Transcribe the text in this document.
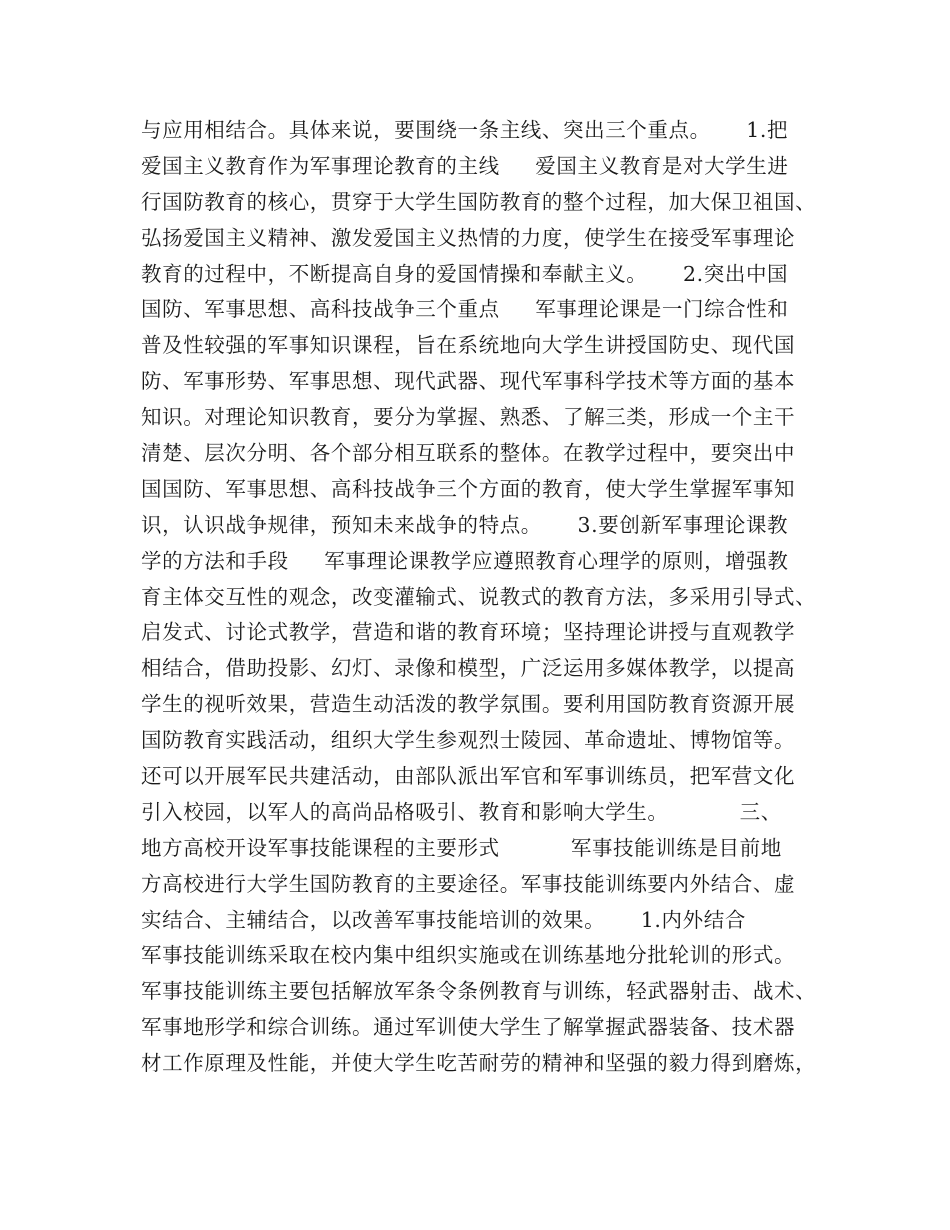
与应用相结合。具体来说，要围绕一条主线、突出三个重点。     1.把
爱国主义教育作为军事理论教育的主线     爱国主义教育是对大学生进
行国防教育的核心，贯穿于大学生国防教育的整个过程，加大保卫祖国、
弘扬爱国主义精神、激发爱国主义热情的力度，使学生在接受军事理论
教育的过程中，不断提高自身的爱国情操和奉献主义。     2.突出中国
国防、军事思想、高科技战争三个重点     军事理论课是一门综合性和
普及性较强的军事知识课程，旨在系统地向大学生讲授国防史、现代国
防、军事形势、军事思想、现代武器、现代军事科学技术等方面的基本
知识。对理论知识教育，要分为掌握、熟悉、了解三类，形成一个主干
清楚、层次分明、各个部分相互联系的整体。在教学过程中，要突出中
国国防、军事思想、高科技战争三个方面的教育，使大学生掌握军事知
识，认识战争规律，预知未来战争的特点。     3.要创新军事理论课教
学的方法和手段     军事理论课教学应遵照教育心理学的原则，增强教
育主体交互性的观念，改变灌输式、说教式的教育方法，多采用引导式、
启发式、讨论式教学，营造和谐的教育环境；坚持理论讲授与直观教学
相结合，借助投影、幻灯、录像和模型，广泛运用多媒体教学，以提高
学生的视听效果，营造生动活泼的教学氛围。要利用国防教育资源开展
国防教育实践活动，组织大学生参观烈士陵园、革命遗址、博物馆等。
还可以开展军民共建活动，由部队派出军官和军事训练员，把军营文化
引入校园，以军人的高尚品格吸引、教育和影响大学生。          三、
地方高校开设军事技能课程的主要形式          军事技能训练是目前地
方高校进行大学生国防教育的主要途径。军事技能训练要内外结合、虚
实结合、主辅结合，以改善军事技能培训的效果。     1.内外结合
军事技能训练采取在校内集中组织实施或在训练基地分批轮训的形式。
军事技能训练主要包括解放军条令条例教育与训练，轻武器射击、战术、
军事地形学和综合训练。通过军训使大学生了解掌握武器装备、技术器
材工作原理及性能，并使大学生吃苦耐劳的精神和坚强的毅力得到磨炼，
